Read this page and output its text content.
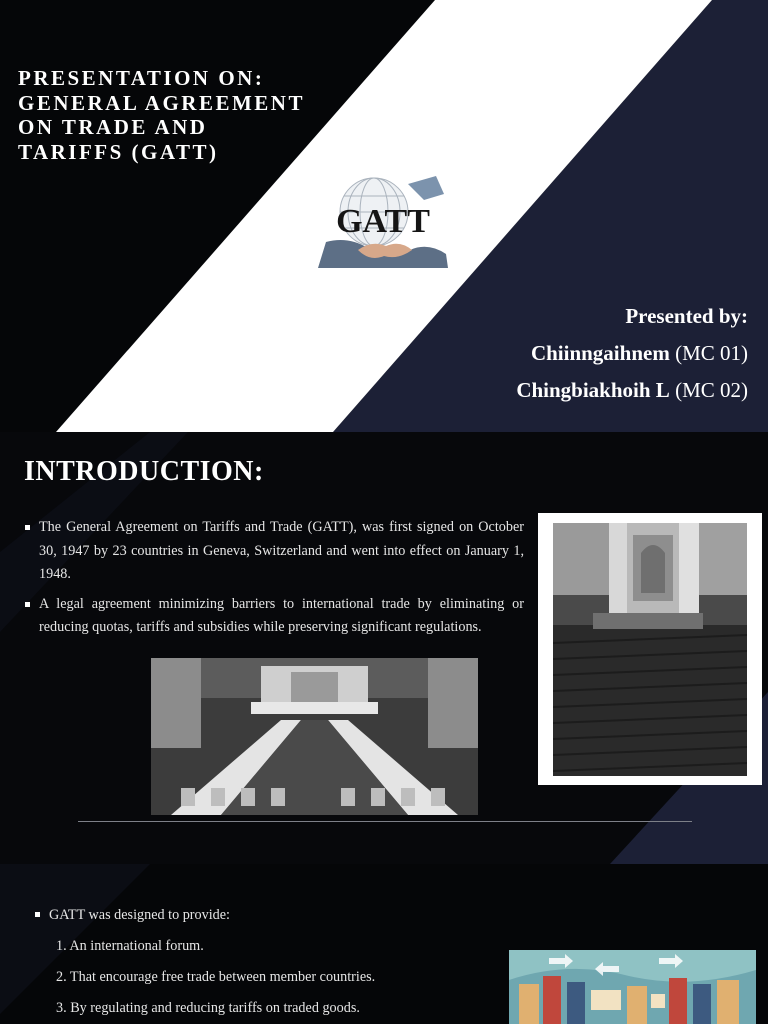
PRESENTATION ON: GENERAL AGREEMENT ON TRADE AND TARIFFS (GATT)
GATT
Presented by:
Chiinngaihnem (MC 01)
Chingbiakhoih L (MC 02)
INTRODUCTION:
The General Agreement on Tariffs and Trade (GATT), was first signed on October 30, 1947 by 23 countries in Geneva, Switzerland and went into effect on January 1, 1948.
A legal agreement minimizing barriers to international trade by eliminating or reducing quotas, tariffs and subsidies while preserving significant regulations.
GATT was designed to provide:
1. An international forum.
2. That encourage free trade between member countries.
3. By regulating and reducing tariffs on traded goods.
